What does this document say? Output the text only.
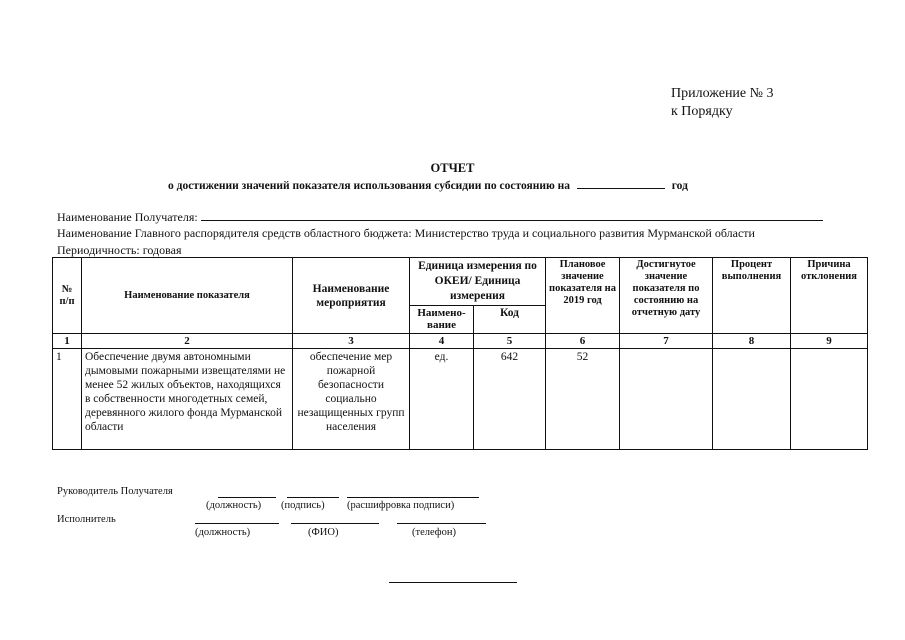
Приложение № 3
к Порядку
ОТЧЕТ
о достижении значений показателя использования субсидии по состоянию на	год
Наименование Получателя:
Наименование Главного распорядителя средств областного бюджета: Министерство труда и социального развития Мурманской области
Периодичность: годовая
№ п/п	Наименование показателя	Наименование мероприятия	Единица измерения по ОКЕИ/ Единица измерения		Плановое значение показателя на 2019 год	Достигнутое значение показателя по состоянию на отчетную дату	Процент выполнения	Причина отклонения
			Наимено-вание	Код				
1	2	3	4	5	6	7	8	9
1	Обеспечение двумя автономными дымовыми пожарными извещателями не менее 52 жилых объектов, находящихся в собственности многодетных семей, деревянного жилого фонда Мурманской области	обеспечение мер пожарной безопасности социально незащищенных групп населения	ед.	642	52			
Руководитель Получателя
(должность) (подпись) (расшифровка подписи)
Исполнитель
(должность)	(ФИО)	(телефон)
